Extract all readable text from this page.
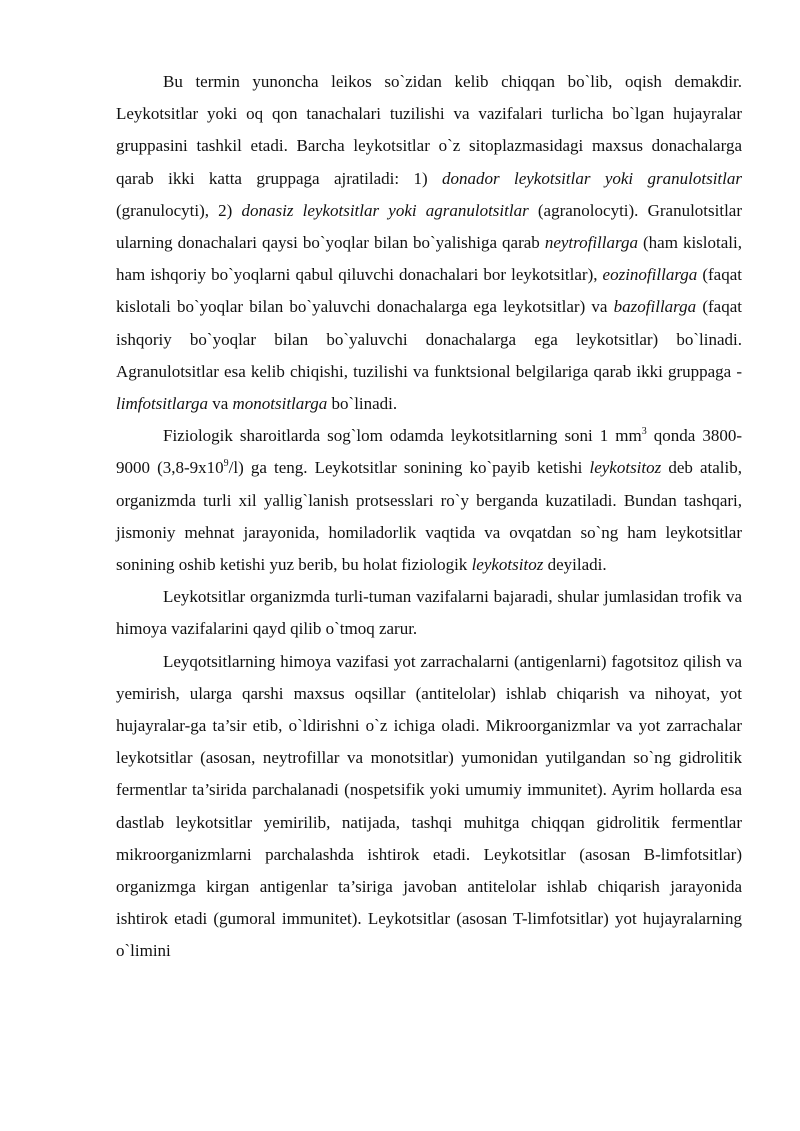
Bu termin yunoncha leikos so`zidan kelib chiqqan bo`lib, oqish demakdir. Leykotsitlar yoki oq qon tanachalari tuzilishi va vazifalari turlicha bo`lgan hujayralar gruppasini tashkil etadi. Barcha leykotsitlar o`z sitoplazmasidagi maxsus donachalarga qarab ikki katta gruppaga ajratiladi: 1) donador leykotsitlar yoki granulotsitlar (granulocyti), 2) donasiz leykotsitlar yoki agranulotsitlar (agranolocyti). Granulotsitlar ularning donachalari qaysi bo`yoqlar bilan bo`yalishiga qarab neytrofillarga (ham kislotali, ham ishqoriy bo`yoqlarni qabul qiluvchi donachalari bor leykotsitlar), eozinofillarga (faqat kislotali bo`yoqlar bilan bo`yaluvchi donachalarga ega leykotsitlar) va bazofillarga (faqat ishqoriy bo`yoqlar bilan bo`yaluvchi donachalarga ega leykotsitlar) bo`linadi. Agranulotsitlar esa kelib chiqishi, tuzilishi va funktsional belgilariga qarab ikki gruppaga - limfotsitlarga va monotsitlarga bo`linadi.

Fiziologik sharoitlarda sog`lom odamda leykotsitlarning soni 1 $mm^3$ qonda 3800-9000 $(3,8-9x10^9/l)$ ga teng. Leykotsitlar sonining ko`payib ketishi leykotsitoz deb atalib, organizmda turli xil yallig`lanish protsesslari ro`y berganda kuzatiladi. Bundan tashqari, jismoniy mehnat jarayonida, homiladorlik vaqtida va ovqatdan so`ng ham leykotsitlar sonining oshib ketishi yuz berib, bu holat fiziologik leykotsitoz deyiladi.

Leykotsitlar organizmda turli-tuman vazifalarni bajaradi, shular jumlasidan trofik va himoya vazifalarini qayd qilib o`tmoq zarur.

Leyqotsitlarning himoya vazifasi yot zarrachalarni (antigenlarni) fagotsitoz qilish va yemirish, ularga qarshi maxsus oqsillar (antitelolar) ishlab chiqarish va nihoyat, yot hujayralar-ga ta’sir etib, o`ldirishni o`z ichiga oladi. Mikroorganizmlar va yot zarrachalar leykotsitlar (asosan, neytrofillar va monotsitlar) yumonidan yutilgandan so`ng gidrolitik fermentlar ta’sirida parchalanadi (nospetsifik yoki umumiy immunitet). Ayrim hollarda esa dastlab leykotsitlar yemirilib, natijada, tashqi muhitga chiqqan gidrolitik fermentlar mikroorganizmlarni parchalashda ishtirok etadi. Leykotsitlar (asosan B-limfotsitlar) organizmga kirgan antigenlar ta’siriga javoban antitelolar ishlab chiqarish jarayonida ishtirok etadi (gumoral immunitet). Leykotsitlar (asosan T-limfotsitlar) yot hujayralarning o`limini
